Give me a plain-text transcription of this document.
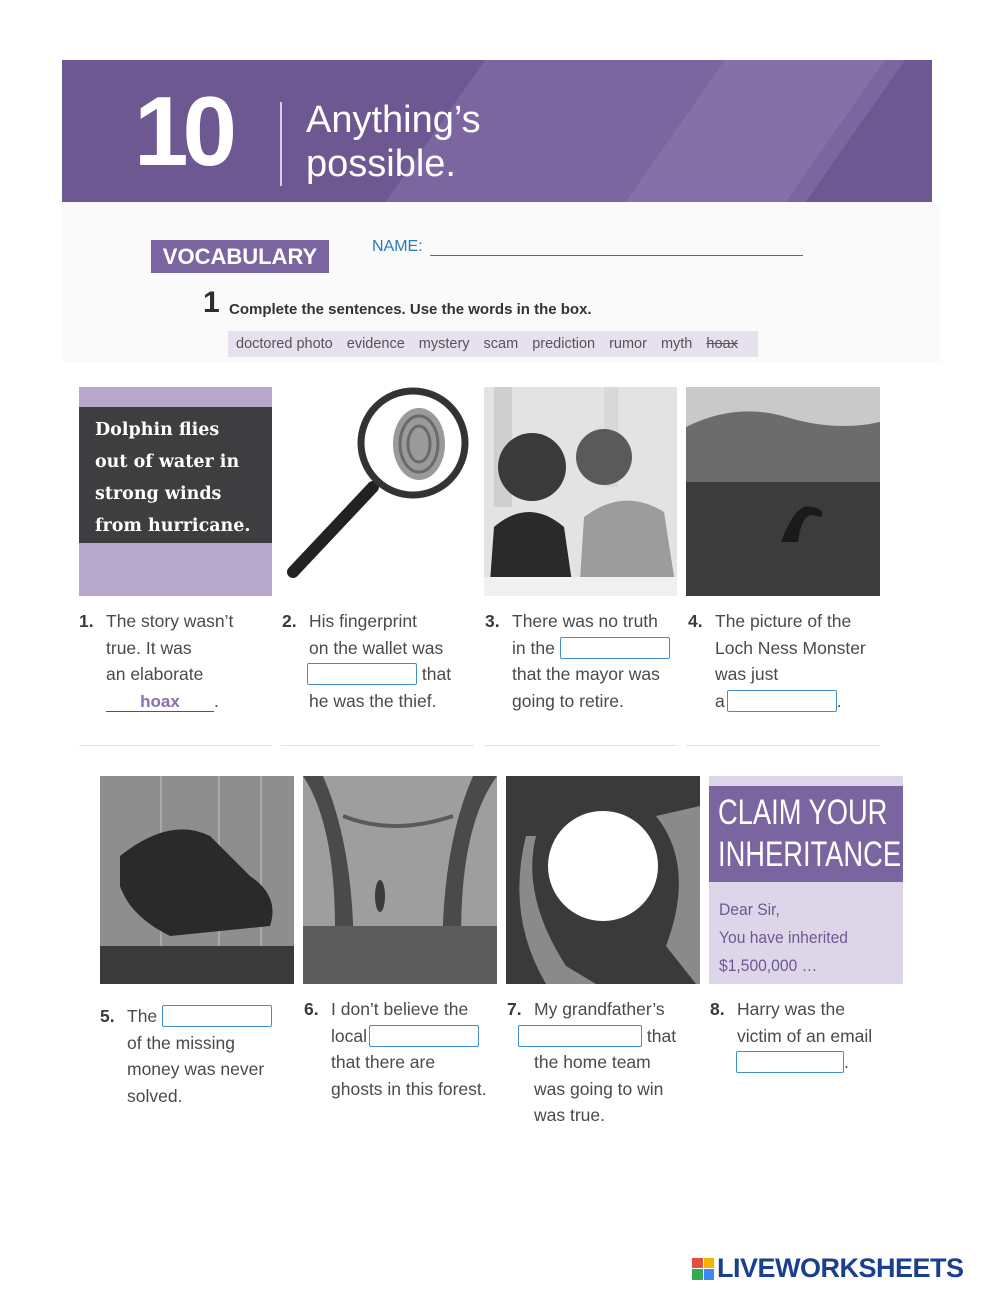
10 Anything’s
possible.
VOCABULARY	NAME:
1 Complete the sentences. Use the words in the box.
doctored photo evidence mystery scam prediction rumor myth hoax
Dolphin flies
out of water in
strong winds
from hurricane.
1. The story wasn’t
true. It was
an elaborate
hoax .
2. His fingerprint
on the wallet was
that
he was the thief.
3. There was no truth
in the
that the mayor was
going to retire.
4. The picture of the
Loch Ness Monster
was just
a	.
CLAIM YOUR
INHERITANCE
Dear Sir,
You have inherited
$1,500,000 …
5. The
of the missing
money was never
solved.
6. I don’t believe the
local
that there are
ghosts in this forest.
7. My grandfather’s
that
the home team
was going to win
was true.
8. Harry was the
victim of an email
.
LIVEWORKSHEETS
